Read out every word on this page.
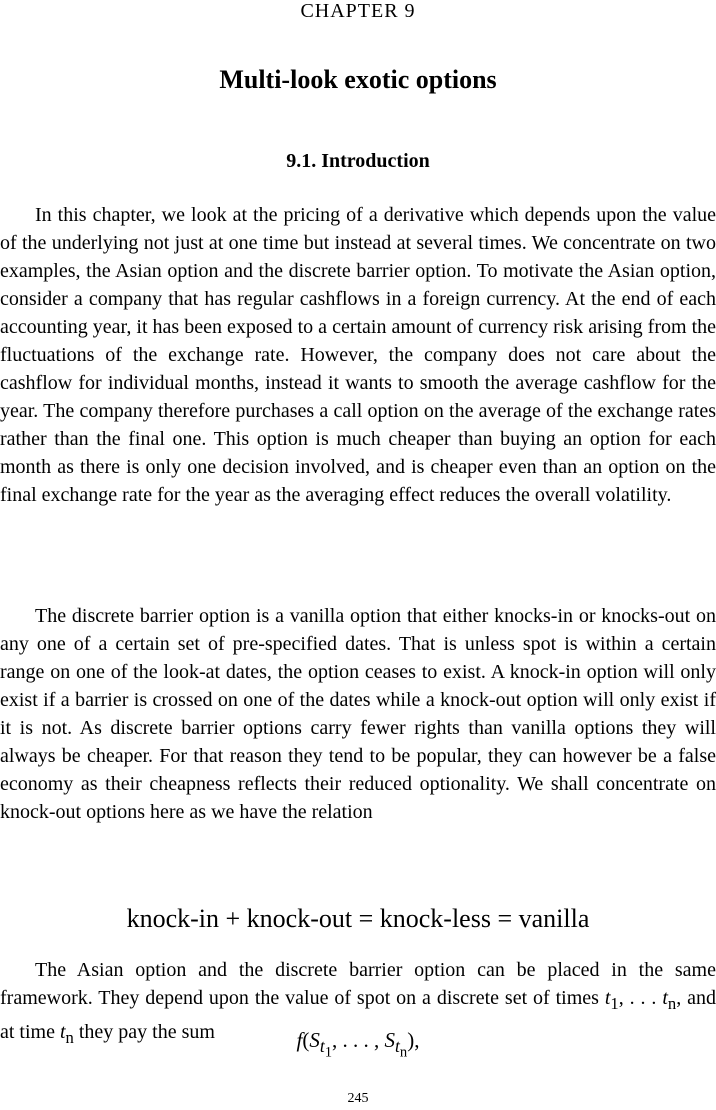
CHAPTER 9
Multi-look exotic options
9.1. Introduction

In this chapter, we look at the pricing of a derivative which depends upon the value of the underlying not just at one time but instead at several times. We concentrate on two examples, the Asian option and the discrete barrier option. To motivate the Asian option, consider a company that has regular cashflows in a foreign currency. At the end of each accounting year, it has been exposed to a certain amount of currency risk arising from the fluctuations of the exchange rate. However, the company does not care about the cashflow for individual months, instead it wants to smooth the average cashflow for the year. The company therefore purchases a call option on the average of the exchange rates rather than the final one. This option is much cheaper than buying an option for each month as there is only one decision involved, and is cheaper even than an option on the final exchange rate for the year as the averaging effect reduces the overall volatility.

The discrete barrier option is a vanilla option that either knocks-in or knocks-out on any one of a certain set of pre-specified dates. That is unless spot is within a certain range on one of the look-at dates, the option ceases to exist. A knock-in option will only exist if a barrier is crossed on one of the dates while a knock-out option will only exist if it is not. As discrete barrier options carry fewer rights than vanilla options they will always be cheaper. For that reason they tend to be popular, they can however be a false economy as their cheapness reflects their reduced optionality. We shall concentrate on knock-out options here as we have the relation

knock-in + knock-out = knock-less = vanilla

The Asian option and the discrete barrier option can be placed in the same framework. They depend upon the value of spot on a discrete set of times $t_1$, . . . $t_n$, and at time $t_n$ they pay the sum	$f(S_{t_1}$, . . . , $S_{t_n}$),
245
